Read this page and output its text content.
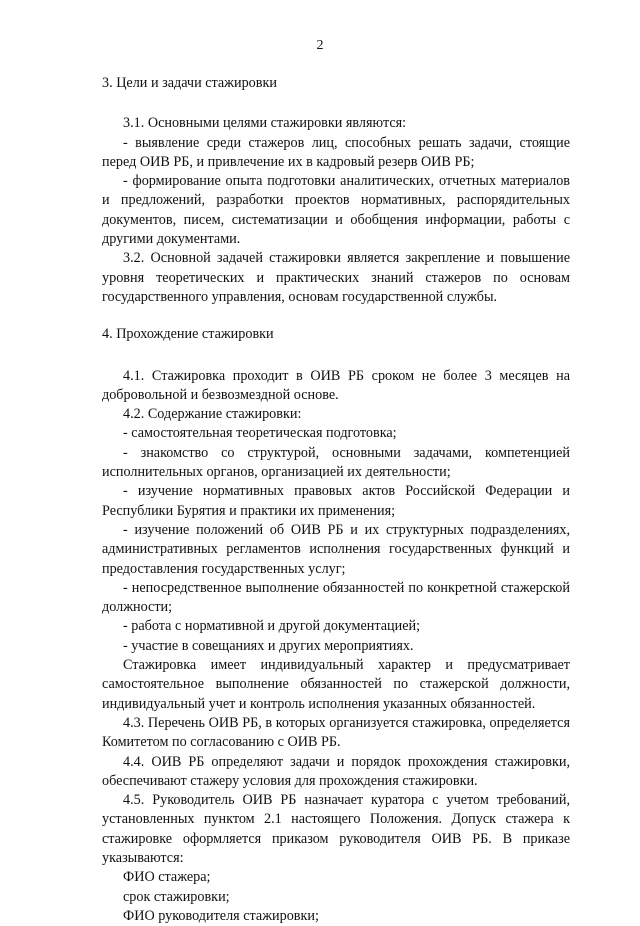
2

3. Цели и задачи стажировки

3.1. Основными целями стажировки являются:

- выявление среди стажеров лиц, способных решать задачи, стоящие перед ОИВ РБ, и привлечение их в кадровый резерв ОИВ РБ;

- формирование опыта подготовки аналитических, отчетных материалов и предложений, разработки проектов нормативных, распорядительных документов, писем, систематизации и обобщения информации, работы с другими документами.

3.2. Основной задачей стажировки является закрепление и повышение уровня теоретических и практических знаний стажеров по основам государственного управления, основам государственной службы.

4. Прохождение стажировки

4.1. Стажировка проходит в ОИВ РБ сроком не более 3 месяцев на добровольной и безвозмездной основе.

4.2. Содержание стажировки:

- самостоятельная теоретическая подготовка;

- знакомство со структурой, основными задачами, компетенцией исполнительных органов, организацией их деятельности;

- изучение нормативных правовых актов Российской Федерации и Республики Бурятия и практики их применения;

- изучение положений об ОИВ РБ и их структурных подразделениях, административных регламентов исполнения государственных функций и предоставления государственных услуг;

- непосредственное выполнение обязанностей по конкретной стажерской должности;

- работа с нормативной и другой документацией;

- участие в совещаниях и других мероприятиях.

Стажировка имеет индивидуальный характер и предусматривает самостоятельное выполнение обязанностей по стажерской должности, индивидуальный учет и контроль исполнения указанных обязанностей.

4.3. Перечень ОИВ РБ, в которых организуется стажировка, определяется Комитетом по согласованию с ОИВ РБ.

4.4. ОИВ РБ определяют задачи и порядок прохождения стажировки, обеспечивают стажеру условия для прохождения стажировки.

4.5. Руководитель ОИВ РБ назначает куратора с учетом требований, установленных пунктом 2.1 настоящего Положения. Допуск стажера к стажировке оформляется приказом руководителя ОИВ РБ. В приказе указываются:

ФИО стажера;

срок стажировки;

ФИО руководителя стажировки;
